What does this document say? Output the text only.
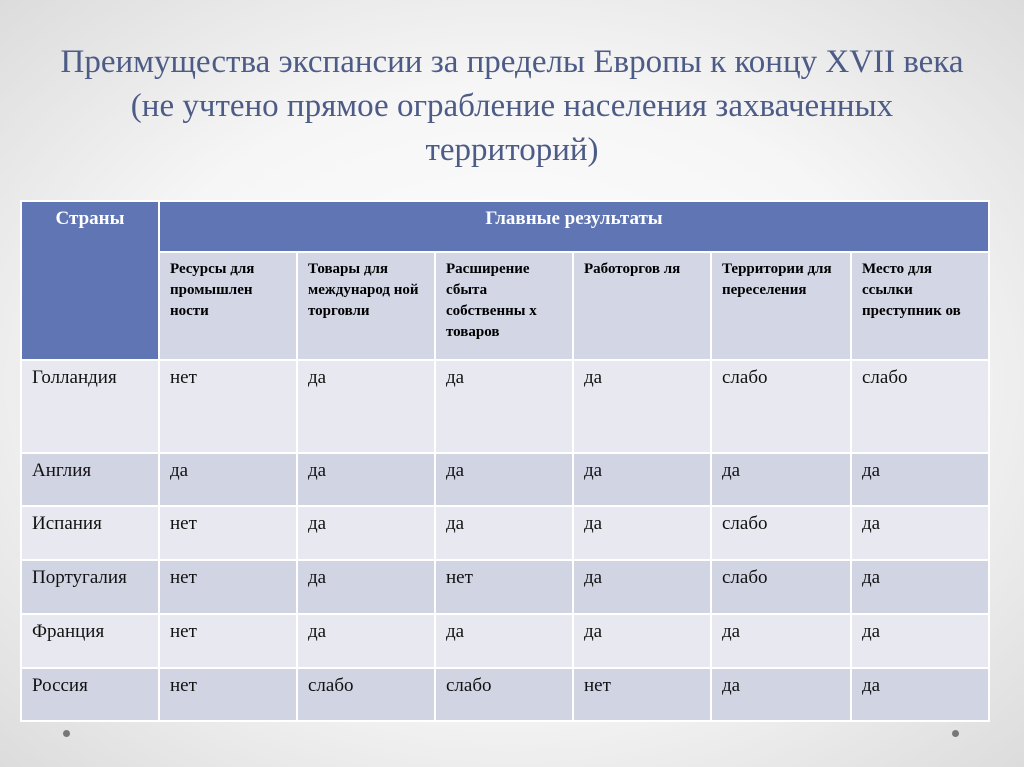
Преимущества экспансии за пределы Европы к концу XVII века (не учтено прямое ограбление населения захваченных территорий)
Страны	Главные результаты					
	Ресурсы для промышлен ности	Товары для международ ной торговли	Расширение сбыта собственны х товаров	Работоргов ля	Территории для переселения	Место для ссылки преступник ов
Голландия	нет	да	да	да	слабо	слабо
Англия	да	да	да	да	да	да
Испания	нет	да	да	да	слабо	да
Португалия	нет	да	нет	да	слабо	да
Франция	нет	да	да	да	да	да
Россия	нет	слабо	слабо	нет	да	да
